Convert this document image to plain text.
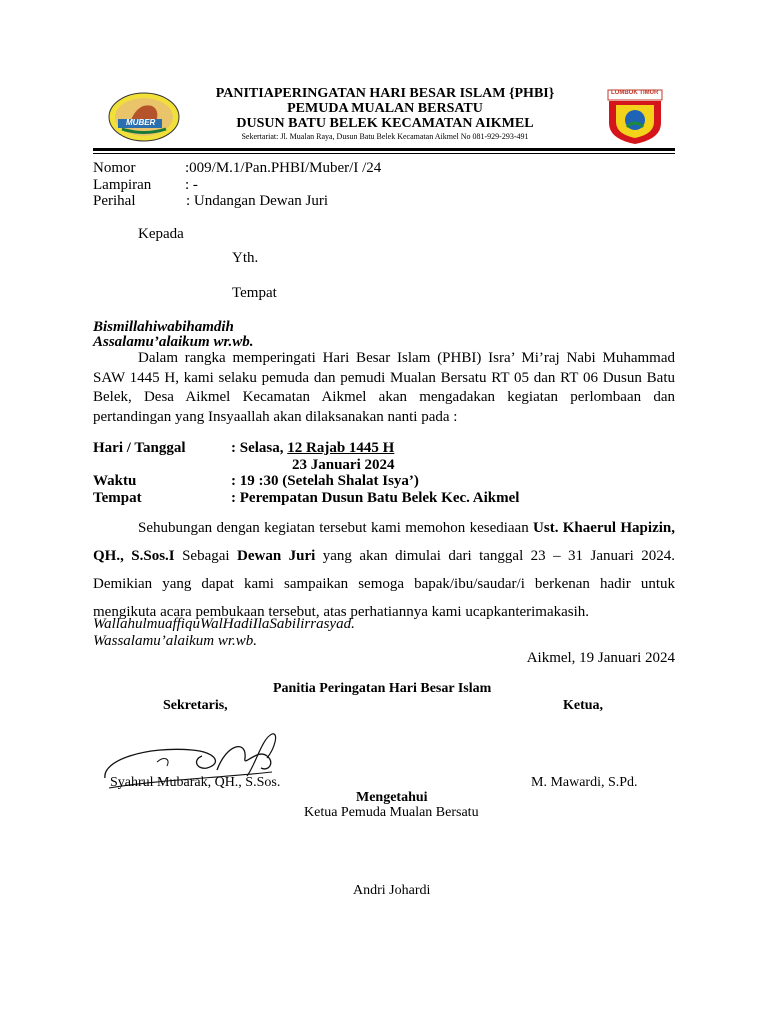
MUBER
LOMBOK TIMUR
PANITIAPERINGATAN HARI BESAR ISLAM {PHBI}
PEMUDA MUALAN BERSATU
DUSUN BATU BELEK KECAMATAN AIKMEL
Sekertariat: Jl. Mualan Raya, Dusun Batu Belek Kecamatan Aikmel No 081-929-293-491
Nomor	:009/M.1/Pan.PHBI/Muber/I /24
Lampiran : -
Perihal	: Undangan Dewan Juri
Kepada
Yth.
Tempat
Bismillahiwabihamdih
Assalamu’alaikum wr.wb.
Dalam rangka memperingati Hari Besar Islam (PHBI) Isra’ Mi’raj Nabi Muhammad SAW 1445 H, kami selaku pemuda dan pemudi Mualan Bersatu RT 05 dan RT 06 Dusun Batu Belek, Desa Aikmel Kecamatan Aikmel akan mengadakan kegiatan perlombaan dan pertandingan yang Insyaallah akan dilaksanakan nanti pada :
Hari / Tanggal	: Selasa, 12 Rajab 1445 H
23 Januari 2024
Waktu	: 19 :30 (Setelah Shalat Isya’)
Tempat	: Perempatan Dusun Batu Belek Kec. Aikmel
Sehubungan dengan kegiatan tersebut kami memohon kesediaan Ust. Khaerul Hapizin, QH., S.Sos.I Sebagai Dewan Juri yang akan dimulai dari tanggal 23 – 31 Januari 2024. Demikian yang dapat kami sampaikan semoga bapak/ibu/saudar/i berkenan hadir untuk mengikuta acara pembukaan tersebut, atas perhatiannya kami ucapkanterimakasih.
WallahulmuaffiquWalHadiIlaSabilirrasyad.
Wassalamu’alaikum wr.wb.
Aikmel, 19 Januari 2024
Panitia Peringatan Hari Besar Islam
Sekretaris,	Ketua,
Syahrul Mubarak, QH., S.Sos.	M. Mawardi, S.Pd.
Mengetahui
Ketua Pemuda Mualan Bersatu
Andri Johardi
